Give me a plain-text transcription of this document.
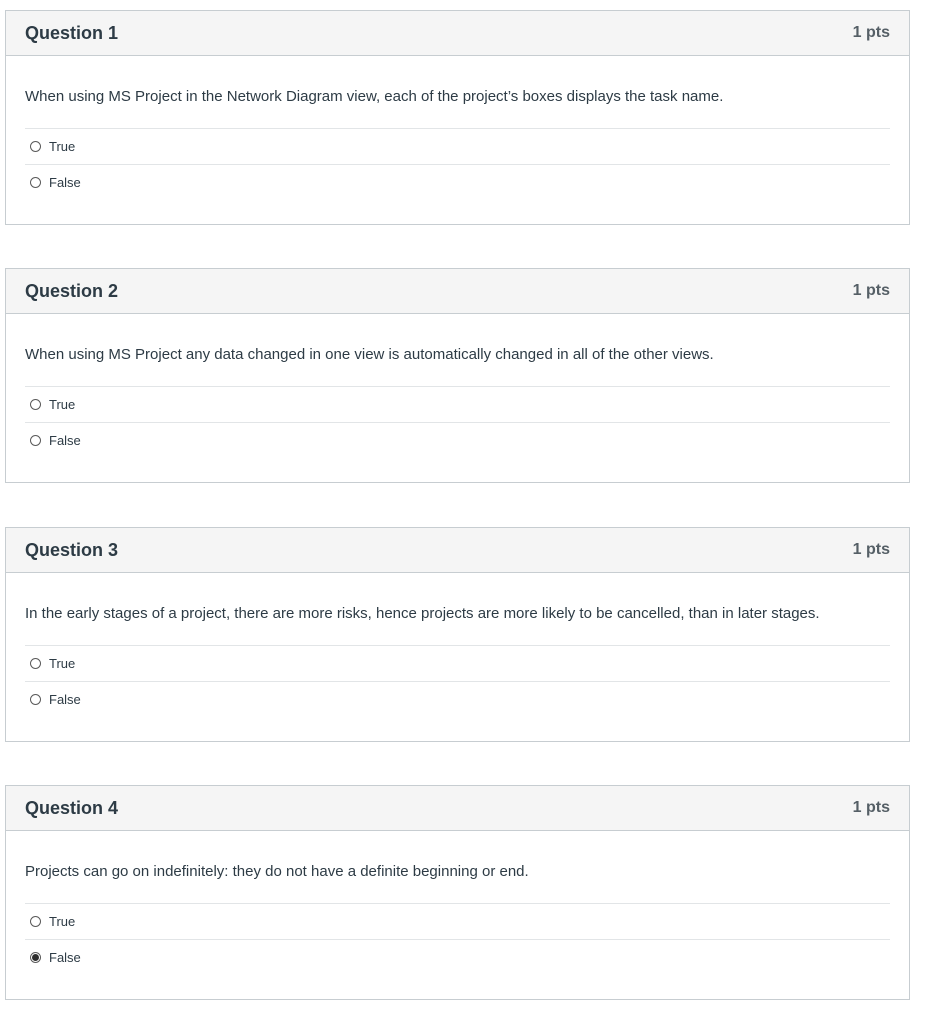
Question 1	1 pts
When using MS Project in the Network Diagram view, each of the project’s boxes displays the task name.
True
False
Question 2	1 pts
When using MS Project any data changed in one view is automatically changed in all of the other views.
True
False
Question 3	1 pts
In the early stages of a project, there are more risks, hence projects are more likely to be cancelled, than in later stages.
True
False
Question 4	1 pts
Projects can go on indefinitely: they do not have a definite beginning or end.
True
False
